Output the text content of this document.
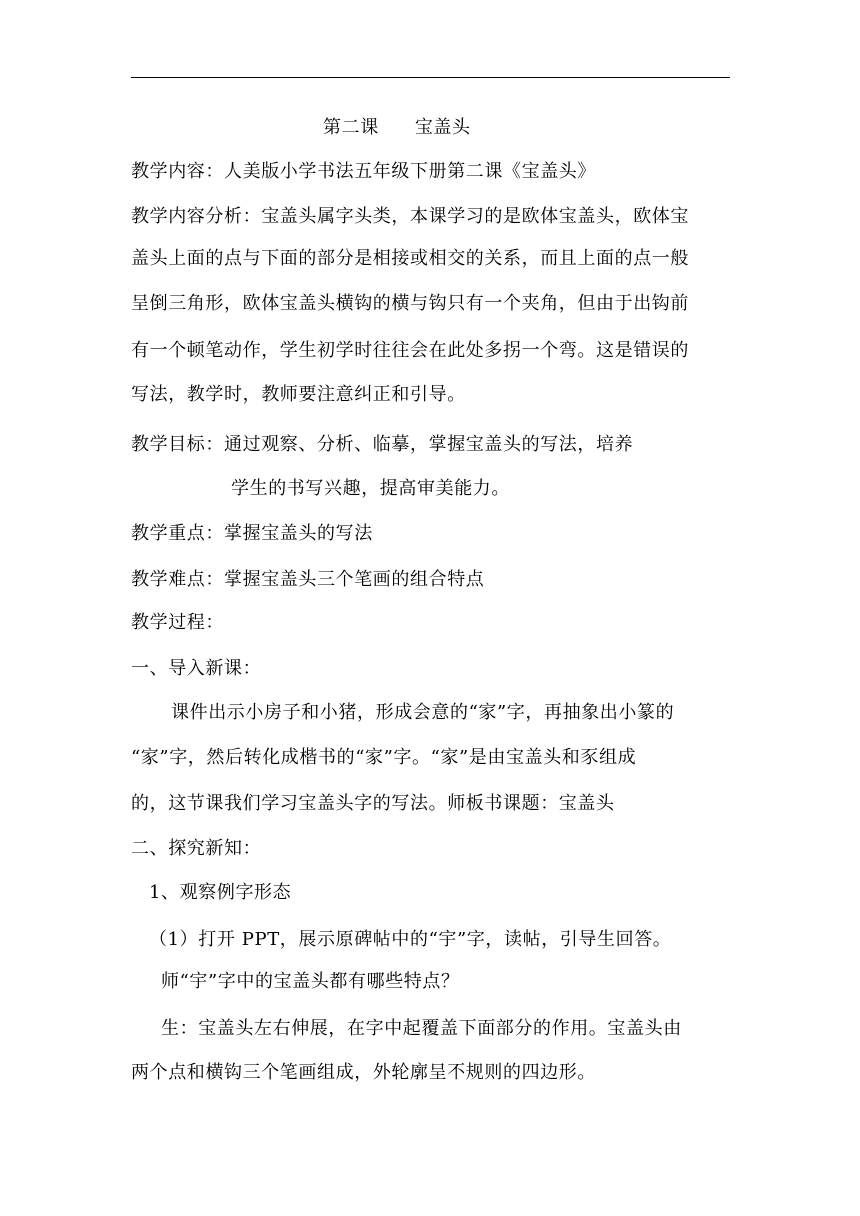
第二课 宝盖头
教学内容：人美版小学书法五年级下册第二课《宝盖头》
教学内容分析：宝盖头属字头类，本课学习的是欧体宝盖头，欧体宝
盖头上面的点与下面的部分是相接或相交的关系，而且上面的点一般
呈倒三角形，欧体宝盖头横钩的横与钩只有一个夹角，但由于出钩前
有一个顿笔动作，学生初学时往往会在此处多拐一个弯。这是错误的
写法，教学时，教师要注意纠正和引导。
教学目标：通过观察、分析、临摹，掌握宝盖头的写法，培养
学生的书写兴趣，提高审美能力。
教学重点：掌握宝盖头的写法
教学难点：掌握宝盖头三个笔画的组合特点
教学过程：
一、导入新课：
课件出示小房子和小猪，形成会意的“家”字，再抽象出小篆的
“家”字，然后转化成楷书的“家”字。“家”是由宝盖头和豕组成
的，这节课我们学习宝盖头字的写法。师板书课题：宝盖头
二、探究新知：
1、观察例字形态
（1）打开 PPT，展示原碑帖中的“宇”字，读帖，引导生回答。
师“宇”字中的宝盖头都有哪些特点？
生：宝盖头左右伸展，在字中起覆盖下面部分的作用。宝盖头由
两个点和横钩三个笔画组成，外轮廓呈不规则的四边形。
